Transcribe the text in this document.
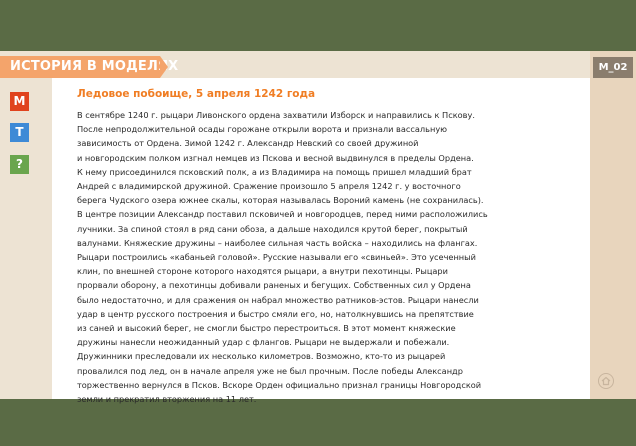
ИСТОРИЯ В МОДЕЛЯХ	M_02
М
Т
?
Ледовое побоище, 5 апреля 1242 года
В сентябре 1240 г. рыцари Ливонского ордена захватили Изборск и направились к Пскову.
После непродолжительной осады горожане открыли ворота и признали вассальную
зависимость от Ордена. Зимой 1242 г. Александр Невский со своей дружиной
и новгородским полком изгнал немцев из Пскова и весной выдвинулся в пределы Ордена.
К нему присоединился псковский полк, а из Владимира на помощь пришел младший брат
Андрей с владимирской дружиной. Сражение произошло 5 апреля 1242 г. у восточного
берега Чудского озера южнее скалы, которая называлась Вороний камень (не сохранилась).
В центре позиции Александр поставил псковичей и новгородцев, перед ними расположились
лучники. За спиной стоял в ряд сани обоза, а дальше находился крутой берег, покрытый
валунами. Княжеские дружины – наиболее сильная часть войска – находились на флангах.
Рыцари построились «кабаньей головой». Русские называли его «свиньей». Это усеченный
клин, по внешней стороне которого находятся рыцари, а внутри пехотинцы. Рыцари
прорвали оборону, а пехотинцы добивали раненых и бегущих. Собственных сил у Ордена
было недостаточно, и для сражения он набрал множество ратников-эстов. Рыцари нанесли
удар в центр русского построения и быстро смяли его, но, натолкнувшись на препятствие
из саней и высокий берег, не смогли быстро перестроиться. В этот момент княжеские
дружины нанесли неожиданный удар с флангов. Рыцари не выдержали и побежали.
Дружинники преследовали их несколько километров. Возможно, кто-то из рыцарей
провалился под лед, он в начале апреля уже не был прочным. После победы Александр
торжественно вернулся в Псков. Вскоре Орден официально признал границы Новгородской
земли и прекратил вторжения на 11 лет.
